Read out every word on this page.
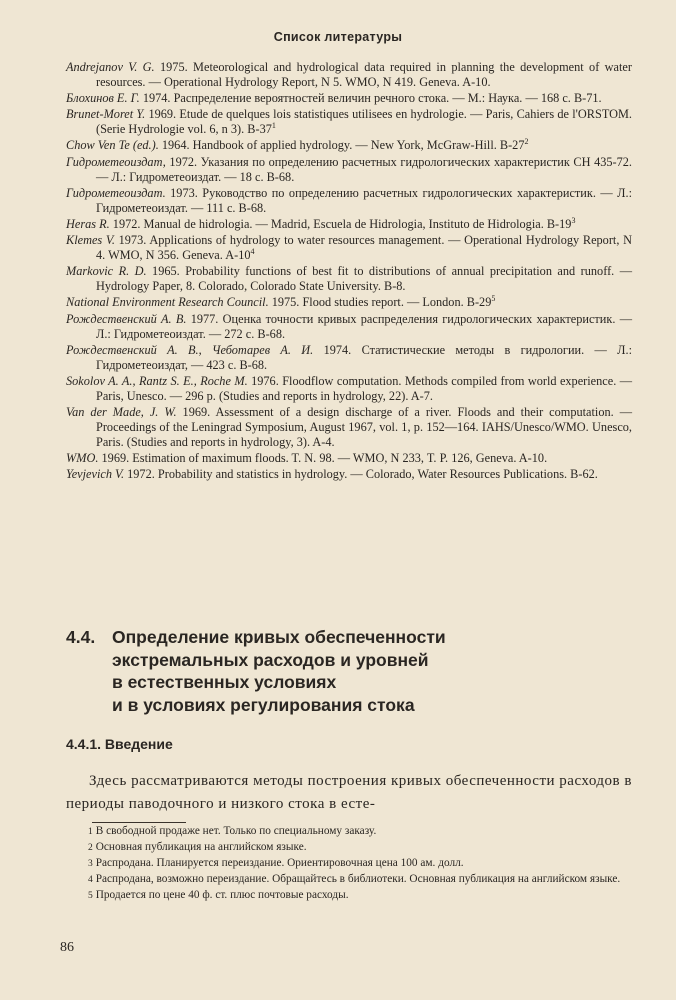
Список литературы

Andrejanov V. G. 1975. Meteorological and hydrological data required in planning the development of water resources. — Operational Hydrology Report, N 5. WMO, N 419. Geneva. A-10.

Блохинов Е. Г. 1974. Распределение вероятностей величин речного стока. — М.: Наука. — 168 с. В-71.

Brunet-Moret Y. 1969. Etude de quelques lois statistiques utilisees en hydrologie. — Paris, Cahiers de l'ORSTOM. (Serie Hydrologie vol. 6, n 3). $B-37^1$

Chow Ven Te (ed.). 1964. Handbook of applied hydrology. — New York, McGraw-Hill. $B-27^2$

Гидрометеоиздат, 1972. Указания по определению расчетных гидрологических характеристик СН 435-72. — Л.: Гидрометеоиздат. — 18 с. В-68.

Гидрометеоиздат. 1973. Руководство по определению расчетных гидрологических характеристик. — Л.: Гидрометеоиздат. — 111 с. В-68.

Heras R. 1972. Manual de hidrologia. — Madrid, Escuela de Hidrologia, Instituto de Hidrologia. $B-19^3$

Klemes V. 1973. Applications of hydrology to water resources management. — Operational Hydrology Report, N 4. WMO, N 356. Geneva. $A-10^4$

Markovic R. D. 1965. Probability functions of best fit to distributions of annual precipitation and runoff. — Hydrology Paper, 8. Colorado, Colorado State University. B-8.

National Environment Research Council. 1975. Flood studies report. — London. $B-29^5$

Рождественский А. В. 1977. Оценка точности кривых распределения гидрологических характеристик. — Л.: Гидрометеоиздат. — 272 с. В-68.

Рождественский А. В., Чеботарев А. И. 1974. Статистические методы в гидрологии. — Л.: Гидрометеоиздат, — 423 с. В-68.

Sokolov A. A., Rantz S. E., Roche M. 1976. Floodflow computation. Methods compiled from world experience. — Paris, Unesco. — 296 p. (Studies and reports in hydrology, 22). A-7.

Van der Made, J. W. 1969. Assessment of a design discharge of a river. Floods and their computation. — Proceedings of the Leningrad Symposium, August 1967, vol. 1, p. 152—164. IAHS/Unesco/WMO. Unesco, Paris. (Studies and reports in hydrology, 3). A-4.

WMO. 1969. Estimation of maximum floods. T. N. 98. — WMO, N 233, T. P. 126, Geneva. A-10.

Yevjevich V. 1972. Probability and statistics in hydrology. — Colorado, Water Resources Publications. B-62.

4.4. Определение кривых обеспеченности
экстремальных расходов и уровней
в естественных условиях
и в условиях регулирования стока
4.4.1. Введение
Здесь рассматриваются методы построения кривых обеспеченности расходов в периоды паводочного и низкого стока в есте-

1 В свободной продаже нет. Только по специальному заказу.

2 Основная публикация на английском языке.

3 Распродана. Планируется переиздание. Ориентировочная цена 100 ам. долл.

4 Распродана, возможно переиздание. Обращайтесь в библиотеки. Основная публикация на английском языке.

5 Продается по цене 40 ф. ст. плюс почтовые расходы.

86
